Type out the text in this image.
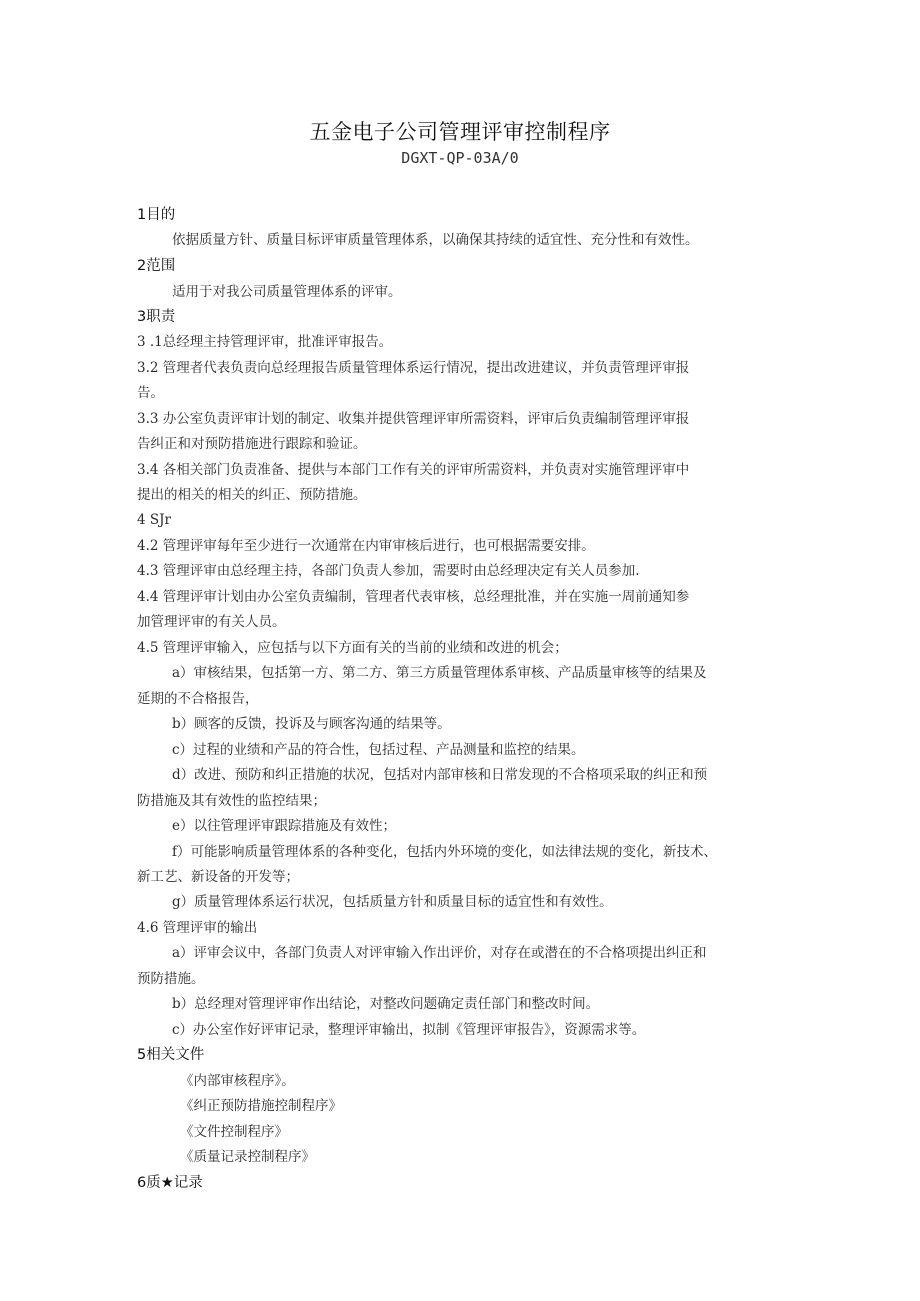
五金电子公司管理评审控制程序
DGXT-QP-03A/0
1目的
依据质量方针、质量目标评审质量管理体系，以确保其持续的适宜性、充分性和有效性。
2范围
适用于对我公司质量管理体系的评审。
3职责
3 .1总经理主持管理评审，批准评审报告。
3.2 管理者代表负责向总经理报告质量管理体系运行情况，提出改进建议，并负责管理评审报
告。
3.3 办公室负责评审计划的制定、收集并提供管理评审所需资料，评审后负责编制管理评审报
告纠正和对预防措施进行跟踪和验证。
3.4 各相关部门负责准备、提供与本部门工作有关的评审所需资料，并负责对实施管理评审中
提出的相关的相关的纠正、预防措施。
4 SJr
4.2 管理评审每年至少进行一次通常在内审审核后进行，也可根据需要安排。
4.3 管理评审由总经理主持，各部门负责人参加，需要时由总经理决定有关人员参加.
4.4 管理评审计划由办公室负责编制，管理者代表审核，总经理批准，并在实施一周前通知参
加管理评审的有关人员。
4.5 管理评审输入，应包括与以下方面有关的当前的业绩和改进的机会；
a）审核结果，包括第一方、第二方、第三方质量管理体系审核、产品质量审核等的结果及
延期的不合格报告，
b）顾客的反馈，投诉及与顾客沟通的结果等。
c）过程的业绩和产品的符合性，包括过程、产品测量和监控的结果。
d）改进、预防和纠正措施的状况，包括对内部审核和日常发现的不合格项采取的纠正和预
防措施及其有效性的监控结果；
e）以往管理评审跟踪措施及有效性；
f）可能影响质量管理体系的各种变化，包括内外环境的变化，如法律法规的变化，新技术、
新工艺、新设备的开发等；
g）质量管理体系运行状况，包括质量方针和质量目标的适宜性和有效性。
4.6 管理评审的输出
a）评审会议中，各部门负责人对评审输入作出评价，对存在或潜在的不合格项提出纠正和
预防措施。
b）总经理对管理评审作出结论，对整改问题确定责任部门和整改时间。
c）办公室作好评审记录，整理评审输出，拟制《管理评审报告》，资源需求等。
5相关文件
《内部审核程序》。
《纠正预防措施控制程序》
《文件控制程序》
《质量记录控制程序》
6质★记录
